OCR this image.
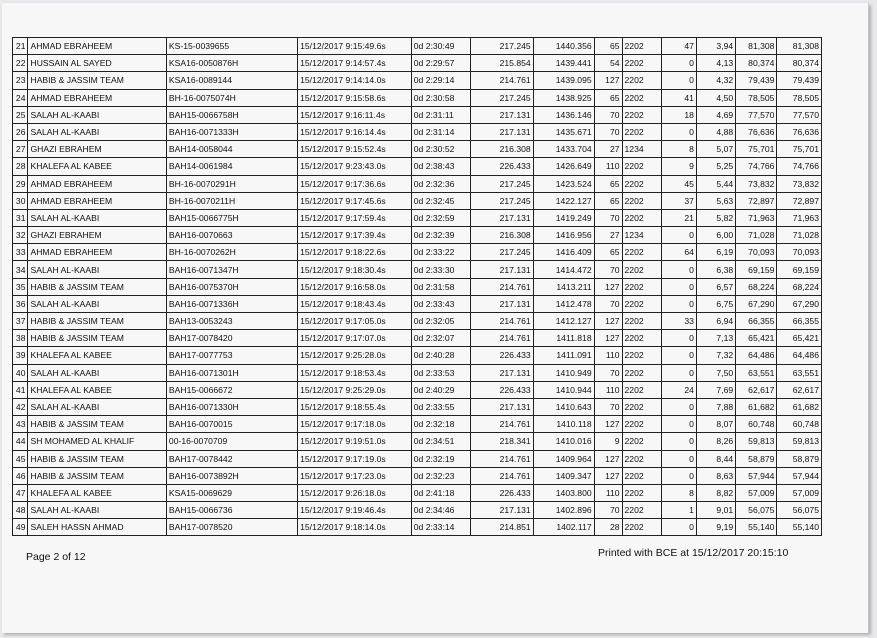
21	AHMAD EBRAHEEM	KS-15-0039655	15/12/2017 9:15:49.6s	0d 2:30:49	217.245	1440.356	65	2202	47	3,94	81,308	81,308
22	HUSSAIN AL SAYED	KSA16-0050876H	15/12/2017 9:14:57.4s	0d 2:29:57	215.854	1439.441	54	2202	0	4,13	80,374	80,374
23	HABIB & JASSIM TEAM	KSA16-0089144	15/12/2017 9:14:14.0s	0d 2:29:14	214.761	1439.095	127	2202	0	4,32	79,439	79,439
24	AHMAD EBRAHEEM	BH-16-0075074H	15/12/2017 9:15:58.6s	0d 2:30:58	217.245	1438.925	65	2202	41	4,50	78,505	78,505
25	SALAH AL-KAABI	BAH15-0066758H	15/12/2017 9:16:11.4s	0d 2:31:11	217.131	1436.146	70	2202	18	4,69	77,570	77,570
26	SALAH AL-KAABI	BAH16-0071333H	15/12/2017 9:16:14.4s	0d 2:31:14	217.131	1435.671	70	2202	0	4,88	76,636	76,636
27	GHAZI EBRAHEM	BAH14-0058044	15/12/2017 9:15:52.4s	0d 2:30:52	216.308	1433.704	27	1234	8	5,07	75,701	75,701
28	KHALEFA AL KABEE	BAH14-0061984	15/12/2017 9:23:43.0s	0d 2:38:43	226.433	1426.649	110	2202	9	5,25	74,766	74,766
29	AHMAD EBRAHEEM	BH-16-0070291H	15/12/2017 9:17:36.6s	0d 2:32:36	217.245	1423.524	65	2202	45	5,44	73,832	73,832
30	AHMAD EBRAHEEM	BH-16-0070211H	15/12/2017 9:17:45.6s	0d 2:32:45	217.245	1422.127	65	2202	37	5,63	72,897	72,897
31	SALAH AL-KAABI	BAH15-0066775H	15/12/2017 9:17:59.4s	0d 2:32:59	217.131	1419.249	70	2202	21	5,82	71,963	71,963
32	GHAZI EBRAHEM	BAH16-0070663	15/12/2017 9:17:39.4s	0d 2:32:39	216.308	1416.956	27	1234	0	6,00	71,028	71,028
33	AHMAD EBRAHEEM	BH-16-0070262H	15/12/2017 9:18:22.6s	0d 2:33:22	217.245	1416.409	65	2202	64	6,19	70,093	70,093
34	SALAH AL-KAABI	BAH16-0071347H	15/12/2017 9:18:30.4s	0d 2:33:30	217.131	1414.472	70	2202	0	6,38	69,159	69,159
35	HABIB & JASSIM TEAM	BAH16-0075370H	15/12/2017 9:16:58.0s	0d 2:31:58	214.761	1413.211	127	2202	0	6,57	68,224	68,224
36	SALAH AL-KAABI	BAH16-0071336H	15/12/2017 9:18:43.4s	0d 2:33:43	217.131	1412.478	70	2202	0	6,75	67,290	67,290
37	HABIB & JASSIM TEAM	BAH13-0053243	15/12/2017 9:17:05.0s	0d 2:32:05	214.761	1412.127	127	2202	33	6,94	66,355	66,355
38	HABIB & JASSIM TEAM	BAH17-0078420	15/12/2017 9:17:07.0s	0d 2:32:07	214.761	1411.818	127	2202	0	7,13	65,421	65,421
39	KHALEFA AL KABEE	BAH17-0077753	15/12/2017 9:25:28.0s	0d 2:40:28	226.433	1411.091	110	2202	0	7,32	64,486	64,486
40	SALAH AL-KAABI	BAH16-0071301H	15/12/2017 9:18:53.4s	0d 2:33:53	217.131	1410.949	70	2202	0	7,50	63,551	63,551
41	KHALEFA AL KABEE	BAH15-0066672	15/12/2017 9:25:29.0s	0d 2:40:29	226.433	1410.944	110	2202	24	7,69	62,617	62,617
42	SALAH AL-KAABI	BAH16-0071330H	15/12/2017 9:18:55.4s	0d 2:33:55	217.131	1410.643	70	2202	0	7,88	61,682	61,682
43	HABIB & JASSIM TEAM	BAH16-0070015	15/12/2017 9:17:18.0s	0d 2:32:18	214.761	1410.118	127	2202	0	8,07	60,748	60,748
44	SH MOHAMED AL KHALIF	00-16-0070709	15/12/2017 9:19:51.0s	0d 2:34:51	218.341	1410.016	9	2202	0	8,26	59,813	59,813
45	HABIB & JASSIM TEAM	BAH17-0078442	15/12/2017 9:17:19.0s	0d 2:32:19	214.761	1409.964	127	2202	0	8,44	58,879	58,879
46	HABIB & JASSIM TEAM	BAH16-0073892H	15/12/2017 9:17:23.0s	0d 2:32:23	214.761	1409.347	127	2202	0	8,63	57,944	57,944
47	KHALEFA AL KABEE	KSA15-0069629	15/12/2017 9:26:18.0s	0d 2:41:18	226.433	1403.800	110	2202	8	8,82	57,009	57,009
48	SALAH AL-KAABI	BAH15-0066736	15/12/2017 9:19:46.4s	0d 2:34:46	217.131	1402.896	70	2202	1	9,01	56,075	56,075
49	SALEH HASSN AHMAD	BAH17-0078520	15/12/2017 9:18:14.0s	0d 2:33:14	214.851	1402.117	28	2202	0	9,19	55,140	55,140
Page 2 of 12	Printed with BCE at 15/12/2017 20:15:10
